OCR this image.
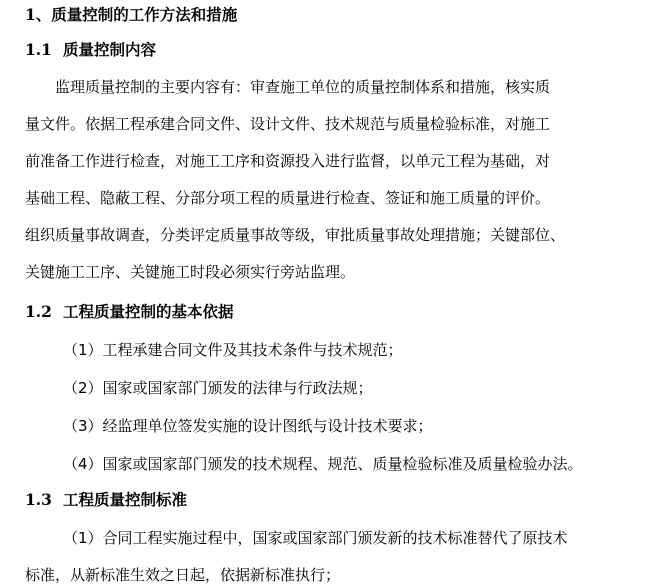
1、质量控制的工作方法和措施
1.1 质量控制内容
监理质量控制的主要内容有：审查施工单位的质量控制体系和措施，核实质
量文件。依据工程承建合同文件、设计文件、技术规范与质量检验标准，对施工
前准备工作进行检查，对施工工序和资源投入进行监督，以单元工程为基础，对
基础工程、隐蔽工程、分部分项工程的质量进行检查、签证和施工质量的评价。
组织质量事故调查，分类评定质量事故等级，审批质量事故处理措施；关键部位、
关键施工工序、关键施工时段必须实行旁站监理。
1.2 工程质量控制的基本依据
（1）工程承建合同文件及其技术条件与技术规范；
（2）国家或国家部门颁发的法律与行政法规；
（3）经监理单位签发实施的设计图纸与设计技术要求；
（4）国家或国家部门颁发的技术规程、规范、质量检验标准及质量检验办法。
1.3 工程质量控制标准
（1）合同工程实施过程中，国家或国家部门颁发新的技术标准替代了原技术
标准，从新标准生效之日起，依据新标准执行；
